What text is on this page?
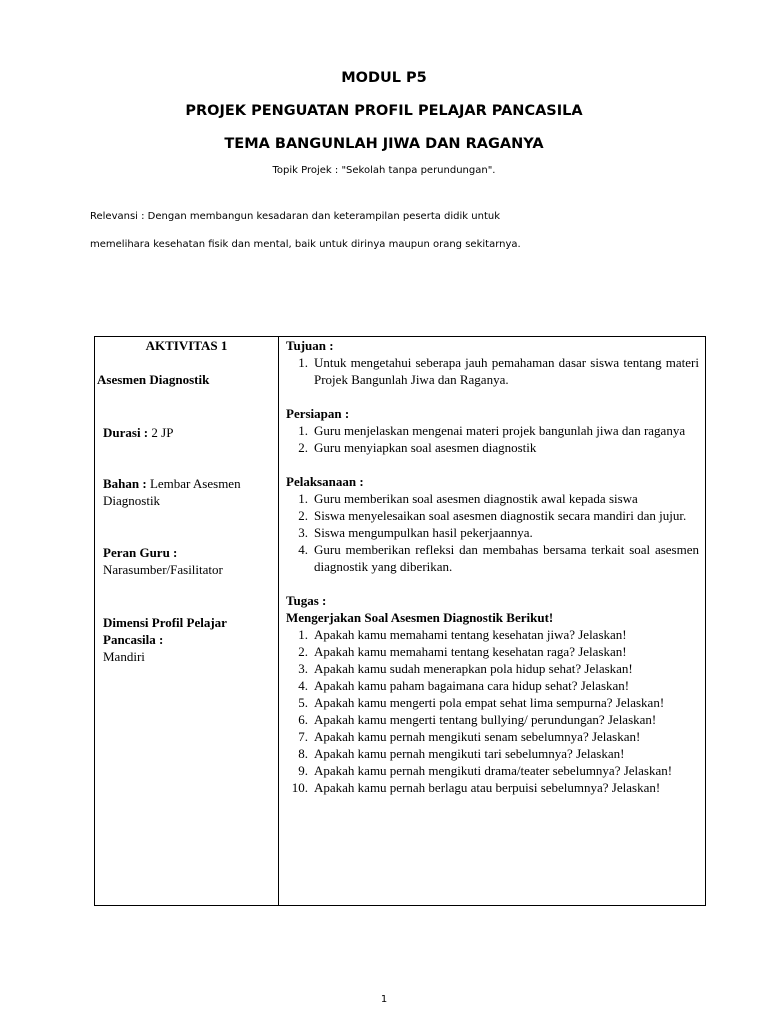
MODUL P5
PROJEK PENGUATAN PROFIL PELAJAR PANCASILA
TEMA BANGUNLAH JIWA DAN RAGANYA
Topik Projek : "Sekolah tanpa perundungan".
Relevansi : Dengan membangun kesadaran dan keterampilan peserta didik untuk
memelihara kesehatan fisik dan mental, baik untuk dirinya maupun orang sekitarnya.
AKTIVITAS 1
Asesmen Diagnostik
Durasi : 2 JP
Bahan : Lembar Asesmen Diagnostik
Peran Guru :
Narasumber/Fasilitator
Dimensi Profil Pelajar Pancasila :
Mandiri
Tujuan :
1. Untuk mengetahui seberapa jauh pemahaman dasar siswa tentang materi Projek Bangunlah Jiwa dan Raganya.
Persiapan :
1. Guru menjelaskan mengenai materi projek bangunlah jiwa dan raganya
2. Guru menyiapkan soal asesmen diagnostik
Pelaksanaan :
1. Guru memberikan soal asesmen diagnostik awal kepada siswa
2. Siswa menyelesaikan soal asesmen diagnostik secara mandiri dan jujur.
3. Siswa mengumpulkan hasil pekerjaannya.
4. Guru memberikan refleksi dan membahas bersama terkait soal asesmen diagnostik yang diberikan.
Tugas :
Mengerjakan Soal Asesmen Diagnostik Berikut!
1. Apakah kamu memahami tentang kesehatan jiwa? Jelaskan!
2. Apakah kamu memahami tentang kesehatan raga? Jelaskan!
3. Apakah kamu sudah menerapkan pola hidup sehat? Jelaskan!
4. Apakah kamu paham bagaimana cara hidup sehat? Jelaskan!
5. Apakah kamu mengerti pola empat sehat lima sempurna? Jelaskan!
6. Apakah kamu mengerti tentang bullying/ perundungan? Jelaskan!
7. Apakah kamu pernah mengikuti senam sebelumnya? Jelaskan!
8. Apakah kamu pernah mengikuti tari sebelumnya? Jelaskan!
9. Apakah kamu pernah mengikuti drama/teater sebelumnya? Jelaskan!
10. Apakah kamu pernah berlagu atau berpuisi sebelumnya? Jelaskan!
1
